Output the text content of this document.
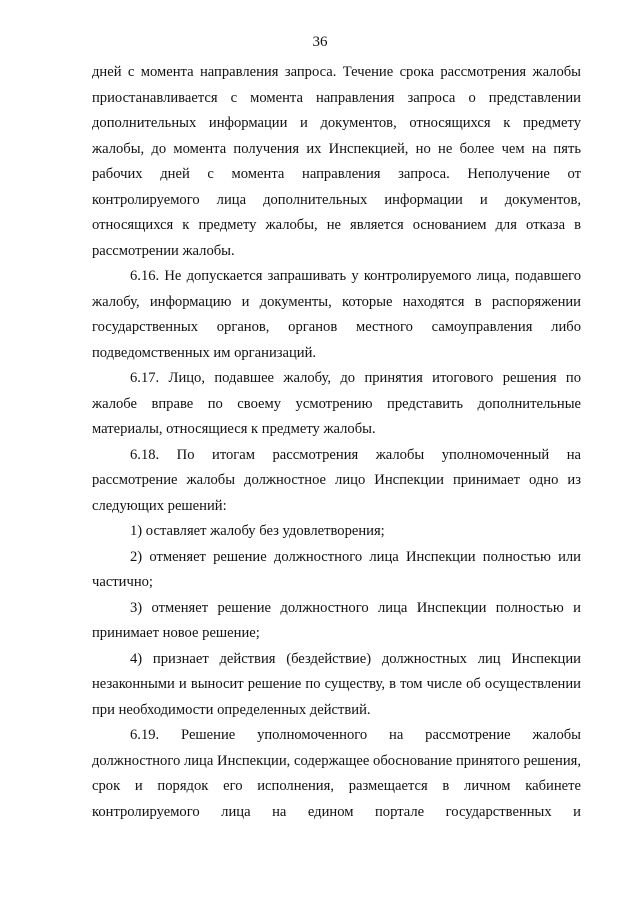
36

дней с момента направления запроса. Течение срока рассмотрения жалобы приостанавливается с момента направления запроса о представлении дополнительных информации и документов, относящихся к предмету жалобы, до момента получения их Инспекцией, но не более чем на пять рабочих дней с момента направления запроса. Неполучение от контролируемого лица дополнительных информации и документов, относящихся к предмету жалобы, не является основанием для отказа в рассмотрении жалобы.

6.16. Не допускается запрашивать у контролируемого лица, подавшего жалобу, информацию и документы, которые находятся в распоряжении государственных органов, органов местного самоуправления либо подведомственных им организаций.

6.17. Лицо, подавшее жалобу, до принятия итогового решения по жалобе вправе по своему усмотрению представить дополнительные материалы, относящиеся к предмету жалобы.

6.18. По итогам рассмотрения жалобы уполномоченный на рассмотрение жалобы должностное лицо Инспекции принимает одно из следующих решений:

1) оставляет жалобу без удовлетворения;

2) отменяет решение должностного лица Инспекции полностью или частично;

3) отменяет решение должностного лица Инспекции полностью и принимает новое решение;

4) признает действия (бездействие) должностных лиц Инспекции незаконными и выносит решение по существу, в том числе об осуществлении при необходимости определенных действий.

6.19. Решение уполномоченного на рассмотрение жалобы должностного лица Инспекции, содержащее обоснование принятого решения, срок и порядок его исполнения, размещается в личном кабинете контролируемого лица на едином портале государственных и
